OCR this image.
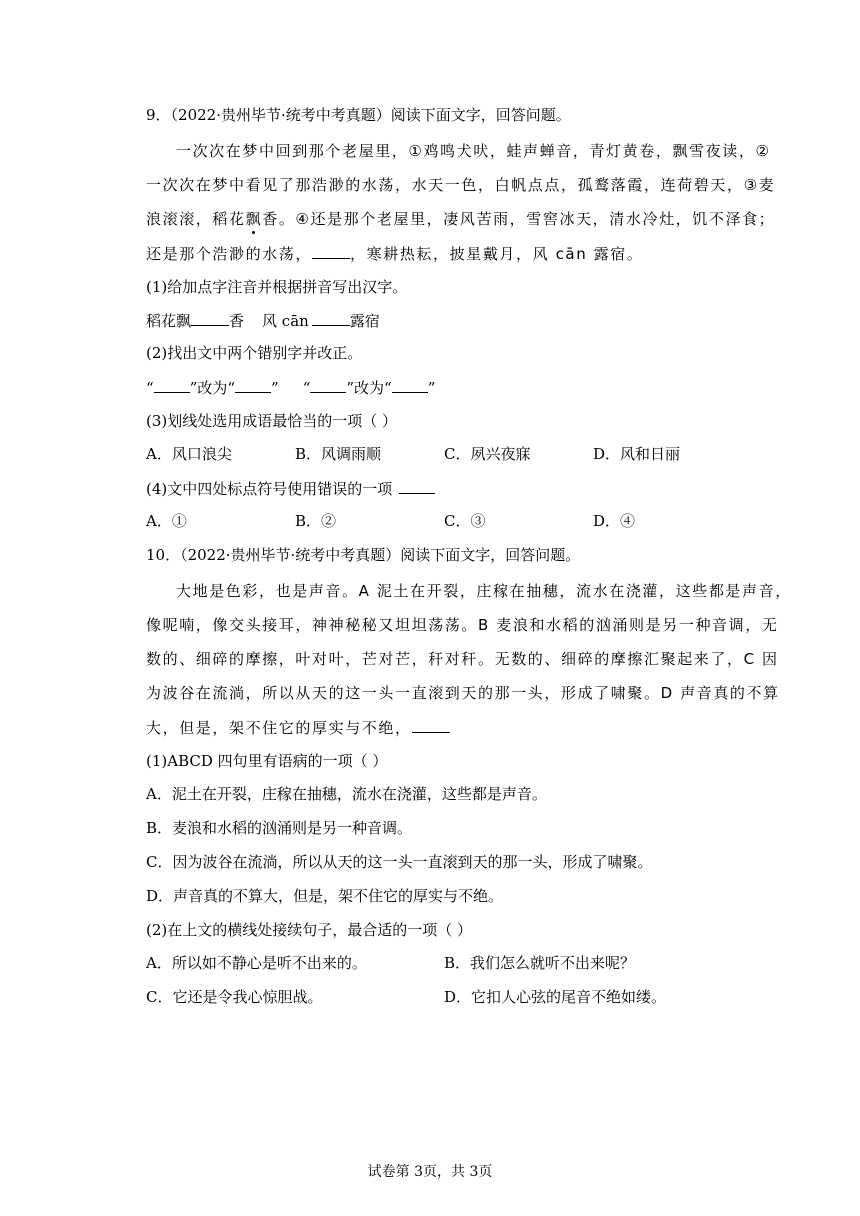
9．（2022·贵州毕节·统考中考真题）阅读下面文字，回答问题。
一次次在梦中回到那个老屋里，①鸡鸣犬吠，蛙声蝉音，青灯黄卷，飘雪夜读，②
一次次在梦中看见了那浩渺的水荡，水天一色，白帆点点，孤鹜落霞，连荷碧天，③麦
浪滚滚，稻花飘香。④还是那个老屋里，凄风苦雨，雪窖冰天，清水冷灶，饥不泽食；
还是那个浩渺的水荡，	，寒耕热耘，披星戴月，风 cān 露宿。
(1)给加点字注音并根据拼音写出汉字。
稻花飘	香 风 cān	露宿
(2)找出文中两个错别字并改正。
“ ”改为“ ” “ ”改为“ ”
(3)划线处选用成语最恰当的一项（ ）
A．风口浪尖	B．风调雨顺	C．夙兴夜寐	D．风和日丽
(4)文中四处标点符号使用错误的一项
A．①	B．②	C．③	D．④
10．（2022·贵州毕节·统考中考真题）阅读下面文字，回答问题。
大地是色彩，也是声音。A 泥土在开裂，庄稼在抽穗，流水在浇灌，这些都是声音，
像呢喃，像交头接耳，神神秘秘又坦坦荡荡。B 麦浪和水稻的汹涌则是另一种音调，无
数的、细碎的摩擦，叶对叶，芒对芒，秆对秆。无数的、细碎的摩擦汇聚起来了，C 因
为波谷在流淌，所以从天的这一头一直滚到天的那一头，形成了啸聚。D 声音真的不算
大，但是，架不住它的厚实与不绝，
(1)ABCD 四句里有语病的一项（ ）
A．泥土在开裂，庄稼在抽穗，流水在浇灌，这些都是声音。
B．麦浪和水稻的汹涌则是另一种音调。
C．因为波谷在流淌，所以从天的这一头一直滚到天的那一头，形成了啸聚。
D．声音真的不算大，但是，架不住它的厚实与不绝。
(2)在上文的横线处接续句子，最合适的一项（ ）
A．所以如不静心是听不出来的。	B．我们怎么就听不出来呢？
C．它还是令我心惊胆战。	D．它扣人心弦的尾音不绝如缕。
试卷第 3页，共 3页
